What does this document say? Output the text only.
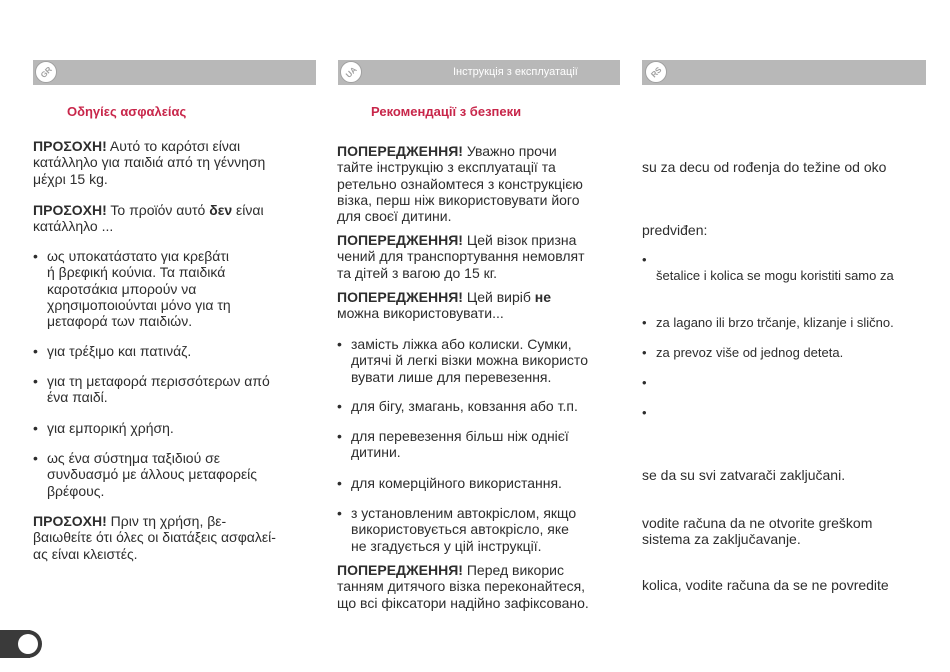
GR	UA	RS
Інструкція з експлуатації
Οδηγίες ασφαλείας	Рекомендації з безпеки
ΠΡΟΣΟΧΗ! Αυτό το καρότσι είναι
κατάλληλο για παιδιά από τη γέννηση
μέχρι 15 kg.
ΠΡΟΣΟΧΗ! Το προϊόν αυτό δεν είναι
κατάλληλο ...
• ως υποκατάστατο για κρεβάτι
ή βρεφική κούνια. Τα παιδικά
καροτσάκια μπορούν να
χρησιμοποιούνται μόνο για τη
μεταφορά των παιδιών.
• για τρέξιμο και πατινάζ.
• για τη μεταφορά περισσότερων από
ένα παιδί.
• για εμπορική χρήση.
• ως ένα σύστημα ταξιδιού σε
συνδυασμό με άλλους μεταφορείς
βρέφους.
ΠΡΟΣΟΧΗ! Πριν τη χρήση, βε-
βαιωθείτε ότι όλες οι διατάξεις ασφαλεί-
ας είναι κλειστές.
ПОПЕРЕДЖЕННЯ! Уважно прочи
тайте інструкцію з експлуатації та
ретельно ознайомтеся з конструкцією
візка, перш ніж використовувати його
для своєї дитини.
ПОПЕРЕДЖЕННЯ! Цей візок призна
чений для транспортування немовлят
та дітей з вагою до 15 кг.
ПОПЕРЕДЖЕННЯ! Цей виріб не
можна використовувати...
• замість ліжка або колиски. Сумки,
дитячі й легкі візки можна використо
вувати лише для перевезення.
• для бігу, змагань, ковзання або т.п.
• для перевезення більш ніж однієї
дитини.
• для комерційного використання.
• з установленим автокріслом, якщо
використовується автокрісло, яке
не згадується у цій інструкції.
ПОПЕРЕДЖЕННЯ! Перед викорис
танням дитячого візка переконайтеся,
що всі фіксатори надійно зафіксовано.
su za decu od rođenja do težine od oko
predviđen:
•
šetalice i kolica se mogu koristiti samo za
• za lagano ili brzo trčanje, klizanje i slično.
• za prevoz više od jednog deteta.
•
•
se da su svi zatvarači zaključani.
vodite računa da ne otvorite greškom
sistema za zaključavanje.
kolica, vodite računa da se ne povredite
